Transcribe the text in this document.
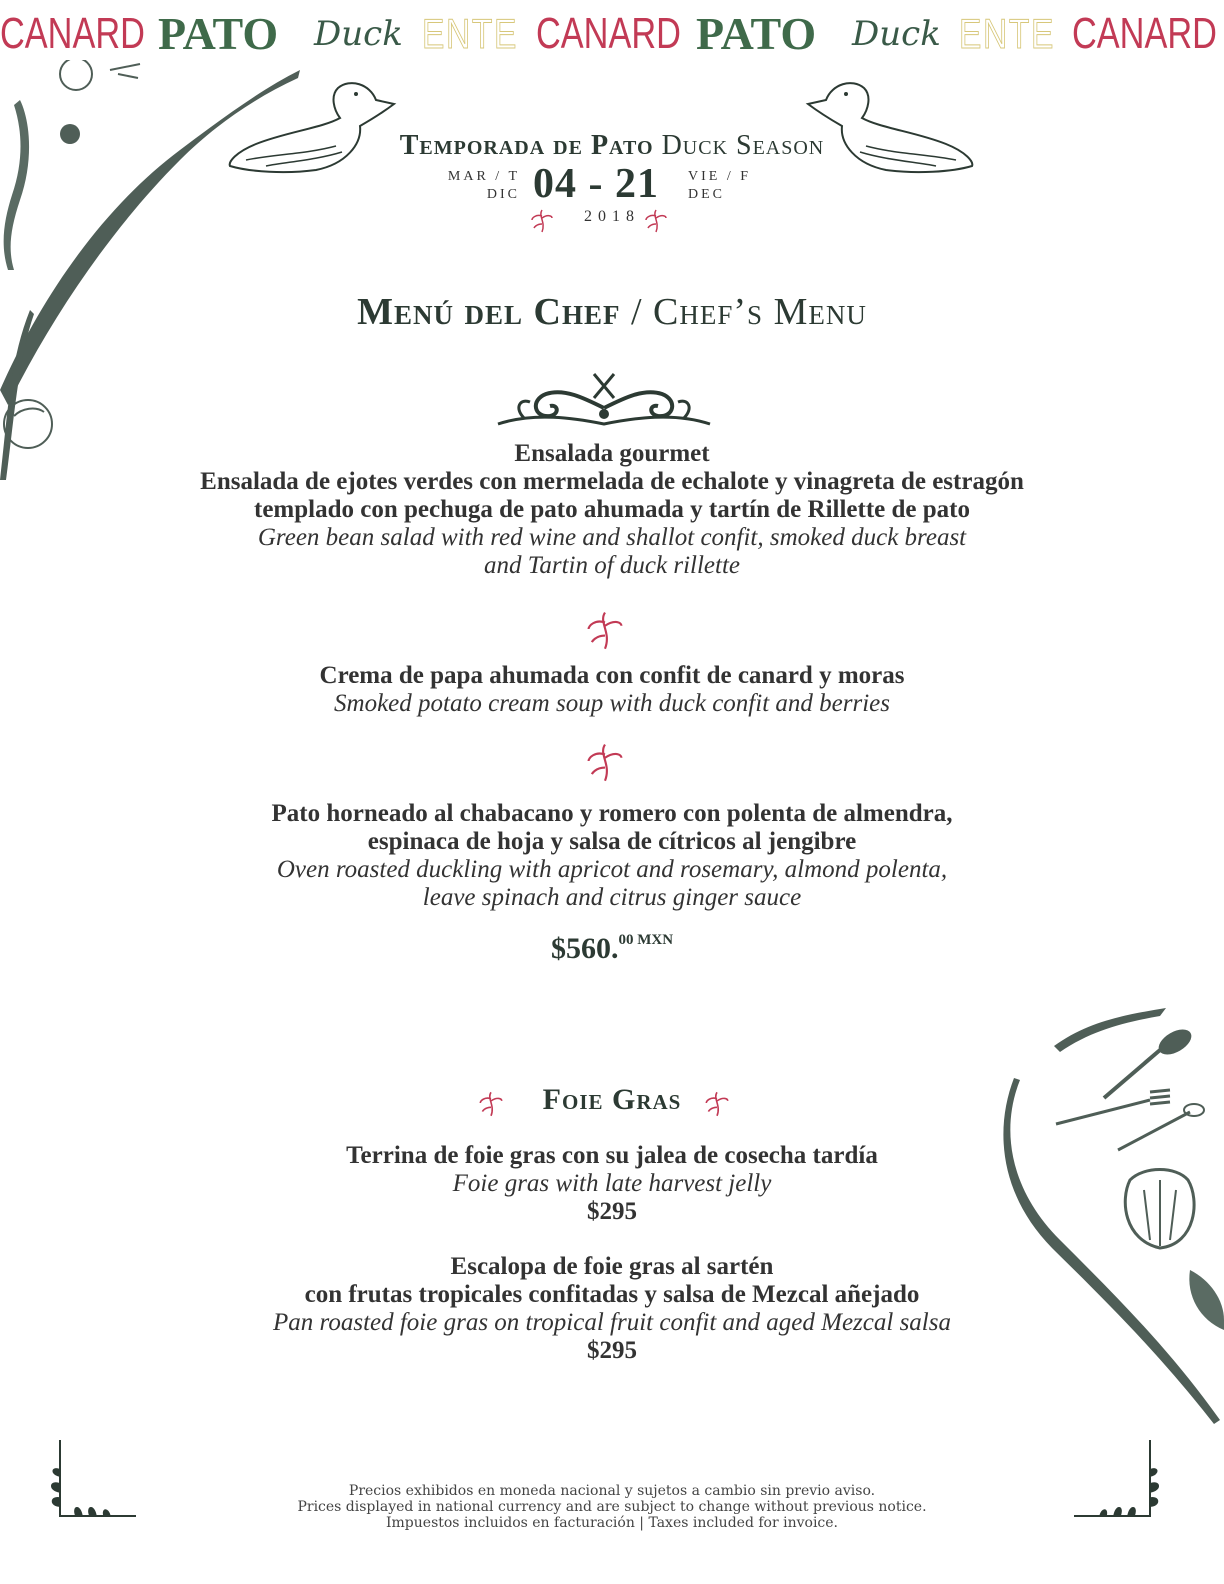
CANARD PATO Duck ENTE CANARD PATO Duck ENTE CANARD
Temporada de Pato Duck Season
MAR / T
DIC 04 - 21 VIE / F
DEC
2018
Menú del Chef / Chef’s Menu
Ensalada gourmet
Ensalada de ejotes verdes con mermelada de echalote y vinagreta de estragón
templado con pechuga de pato ahumada y tartín de Rillette de pato
Green bean salad with red wine and shallot confit, smoked duck breast
and Tartin of duck rillette
Crema de papa ahumada con confit de canard y moras
Smoked potato cream soup with duck confit and berries
Pato horneado al chabacano y romero con polenta de almendra,
espinaca de hoja y salsa de cítricos al jengibre
Oven roasted duckling with apricot and rosemary, almond polenta,
leave spinach and citrus ginger sauce
$560.$^{00 MXN}$
Foie Gras
Terrina de foie gras con su jalea de cosecha tardía
Foie gras with late harvest jelly
$295
Escalopa de foie gras al sartén
con frutas tropicales confitadas y salsa de Mezcal añejado
Pan roasted foie gras on tropical fruit confit and aged Mezcal salsa
$295
Precios exhibidos en moneda nacional y sujetos a cambio sin previo aviso.
Prices displayed in national currency and are subject to change without previous notice.
Impuestos incluidos en facturación | Taxes included for invoice.
